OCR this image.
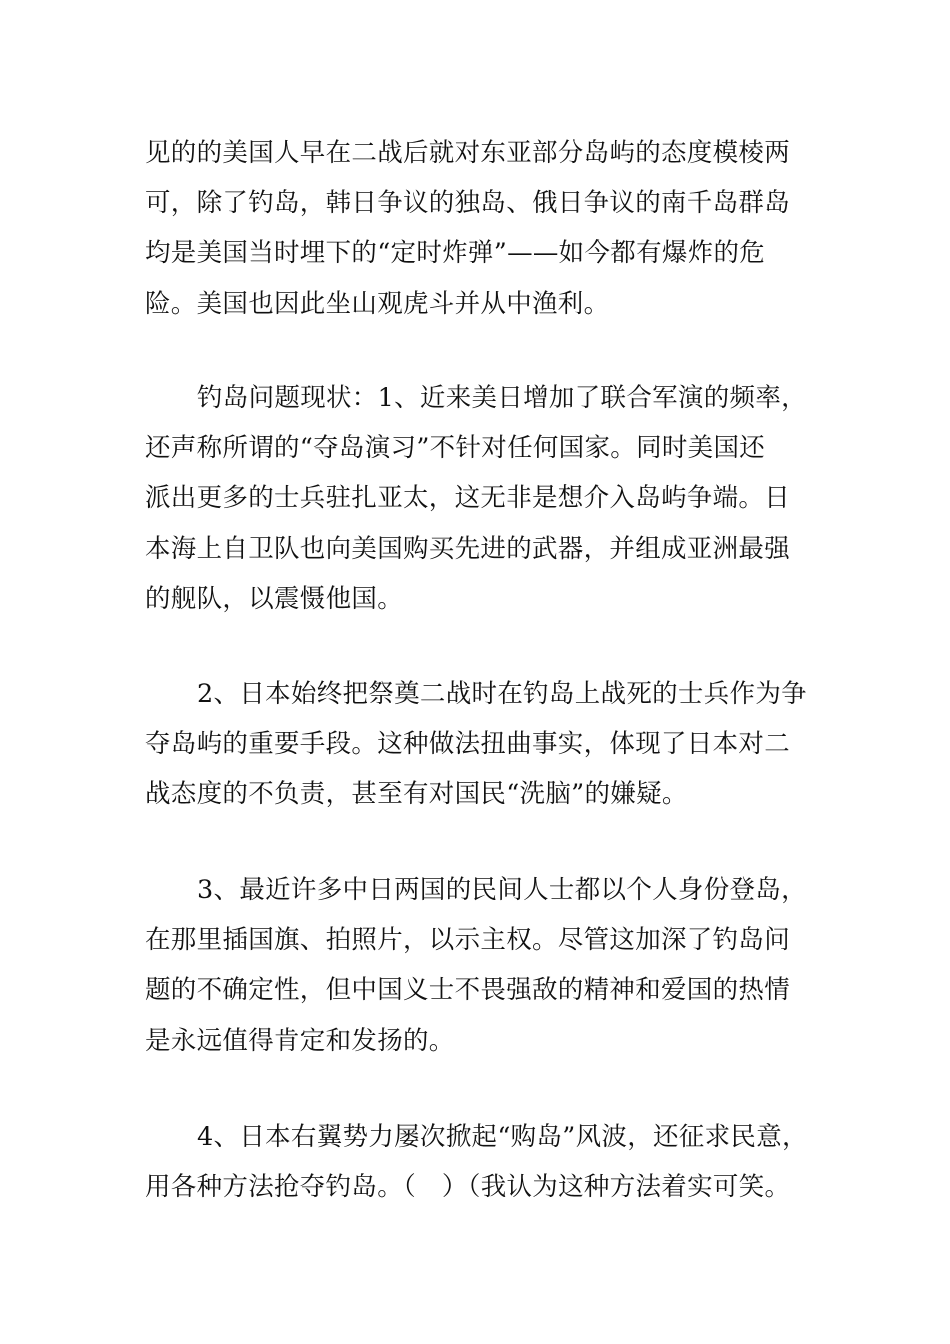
见的的美国人早在二战后就对东亚部分岛屿的态度模棱两
可，除了钓岛，韩日争议的独岛、俄日争议的南千岛群岛
均是美国当时埋下的“定时炸弹”——如今都有爆炸的危
险。美国也因此坐山观虎斗并从中渔利。

钓岛问题现状：1、近来美日增加了联合军演的频率，
还声称所谓的“夺岛演习”不针对任何国家。同时美国还
派出更多的士兵驻扎亚太，这无非是想介入岛屿争端。日
本海上自卫队也向美国购买先进的武器，并组成亚洲最强
的舰队，以震慑他国。

2、日本始终把祭奠二战时在钓岛上战死的士兵作为争
夺岛屿的重要手段。这种做法扭曲事实，体现了日本对二
战态度的不负责，甚至有对国民“洗脑”的嫌疑。

3、最近许多中日两国的民间人士都以个人身份登岛，
在那里插国旗、拍照片，以示主权。尽管这加深了钓岛问
题的不确定性，但中国义士不畏强敌的精神和爱国的热情
是永远值得肯定和发扬的。

4、日本右翼势力屡次掀起“购岛”风波，还征求民意，
用各种方法抢夺钓岛。（　）（我认为这种方法着实可笑。
